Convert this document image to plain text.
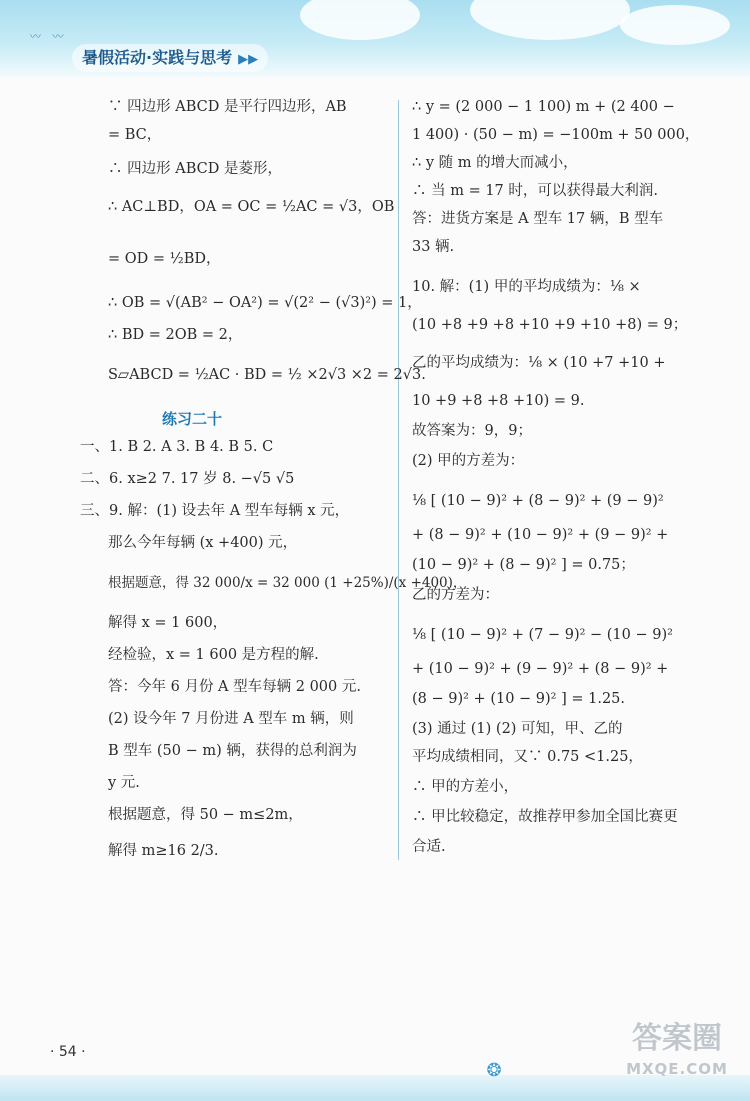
〰 〰
暑假活动·实践与思考 ▶▶
∵ 四边形 ABCD 是平行四边形，AB
= BC，
∴ 四边形 ABCD 是菱形，
∴ AC⊥BD，OA = OC = ½AC = √3，OB
= OD = ½BD，
∴ OB = √(AB² − OA²) = √(2² − (√3)²) = 1，
∴ BD = 2OB = 2，
S▱ABCD = ½AC · BD = ½ ×2√3 ×2 = 2√3.
练习二十
一、1. B 2. A 3. B 4. B 5. C
二、6. x≥2 7. 17 岁 8. −√5 √5
三、9. 解：(1) 设去年 A 型车每辆 x 元，
那么今年每辆 (x +400) 元，
根据题意，得 32 000/x = 32 000 (1 +25%)/(x +400)，
解得 x = 1 600，
经检验，x = 1 600 是方程的解.
答：今年 6 月份 A 型车每辆 2 000 元.
(2) 设今年 7 月份进 A 型车 m 辆，则
B 型车 (50 − m) 辆，获得的总利润为
y 元.
根据题意，得 50 − m≤2m，
解得 m≥16 2/3.
∴ y = (2 000 − 1 100) m + (2 400 −
1 400) · (50 − m) = −100m + 50 000，
∴ y 随 m 的增大而减小，
∴ 当 m = 17 时，可以获得最大利润.
答：进货方案是 A 型车 17 辆，B 型车
33 辆.
10. 解：(1) 甲的平均成绩为：⅛ ×
(10 +8 +9 +8 +10 +9 +10 +8) = 9；
乙的平均成绩为：⅛ × (10 +7 +10 +
10 +9 +8 +8 +10) = 9.
故答案为：9，9；
(2) 甲的方差为：
⅛ [ (10 − 9)² + (8 − 9)² + (9 − 9)²
+ (8 − 9)² + (10 − 9)² + (9 − 9)² +
(10 − 9)² + (8 − 9)² ] = 0.75；
乙的方差为：
⅛ [ (10 − 9)² + (7 − 9)² − (10 − 9)²
+ (10 − 9)² + (9 − 9)² + (8 − 9)² +
(8 − 9)² + (10 − 9)² ] = 1.25.
(3) 通过 (1) (2) 可知，甲、乙的
平均成绩相同，又∵ 0.75 <1.25，
∴ 甲的方差小，
∴ 甲比较稳定，故推荐甲参加全国比赛更
合适.
· 54 ·
❂
答案圈
MXQE.COM
